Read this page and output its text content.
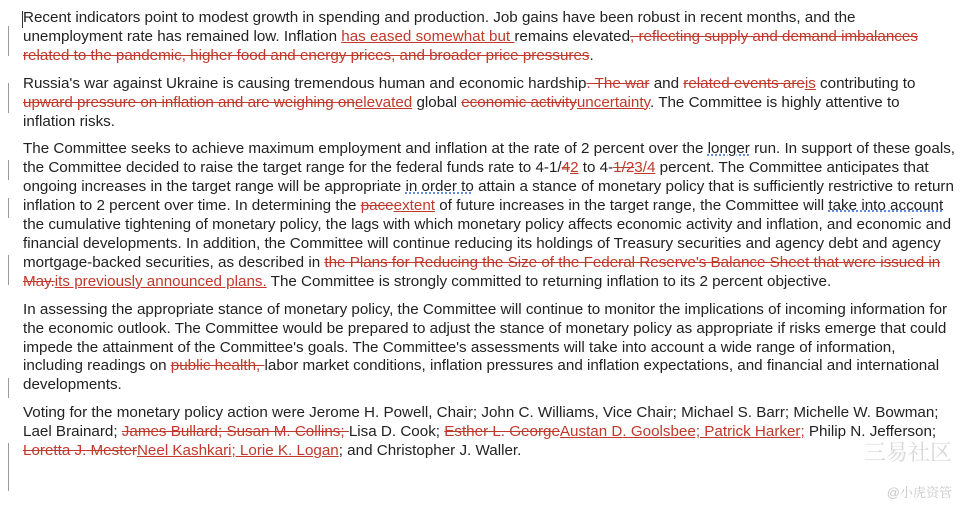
Recent indicators point to modest growth in spending and production. Job gains have been robust in recent months, and the unemployment rate has remained low. Inflation has eased somewhat but remains elevated, reflecting supply and demand imbalances related to the pandemic, higher food and energy prices, and broader price pressures.

Russia's war against Ukraine is causing tremendous human and economic hardship. The war and related events areis contributing to upward pressure on inflation and are weighing onelevated global economic activityuncertainty. The Committee is highly attentive to inflation risks.

The Committee seeks to achieve maximum employment and inflation at the rate of 2 percent over the longer run. In support of these goals, the Committee decided to raise the target range for the federal funds rate to 4-1/42 to 4-1/23/4 percent. The Committee anticipates that ongoing increases in the target range will be appropriate in order to attain a stance of monetary policy that is sufficiently restrictive to return inflation to 2 percent over time. In determining the paceextent of future increases in the target range, the Committee will take into account the cumulative tightening of monetary policy, the lags with which monetary policy affects economic activity and inflation, and economic and financial developments. In addition, the Committee will continue reducing its holdings of Treasury securities and agency debt and agency mortgage-backed securities, as described in the Plans for Reducing the Size of the Federal Reserve's Balance Sheet that were issued in May.its previously announced plans. The Committee is strongly committed to returning inflation to its 2 percent objective.

In assessing the appropriate stance of monetary policy, the Committee will continue to monitor the implications of incoming information for the economic outlook. The Committee would be prepared to adjust the stance of monetary policy as appropriate if risks emerge that could impede the attainment of the Committee's goals. The Committee's assessments will take into account a wide range of information, including readings on public health, labor market conditions, inflation pressures and inflation expectations, and financial and international developments.

Voting for the monetary policy action were Jerome H. Powell, Chair; John C. Williams, Vice Chair; Michael S. Barr; Michelle W. Bowman; Lael Brainard; James Bullard; Susan M. Collins; Lisa D. Cook; Esther L. GeorgeAustan D. Goolsbee; Patrick Harker; Philip N. Jefferson; Loretta J. MesterNeel Kashkari; Lorie K. Logan; and Christopher J. Waller.	三易社区
@小虎资管
